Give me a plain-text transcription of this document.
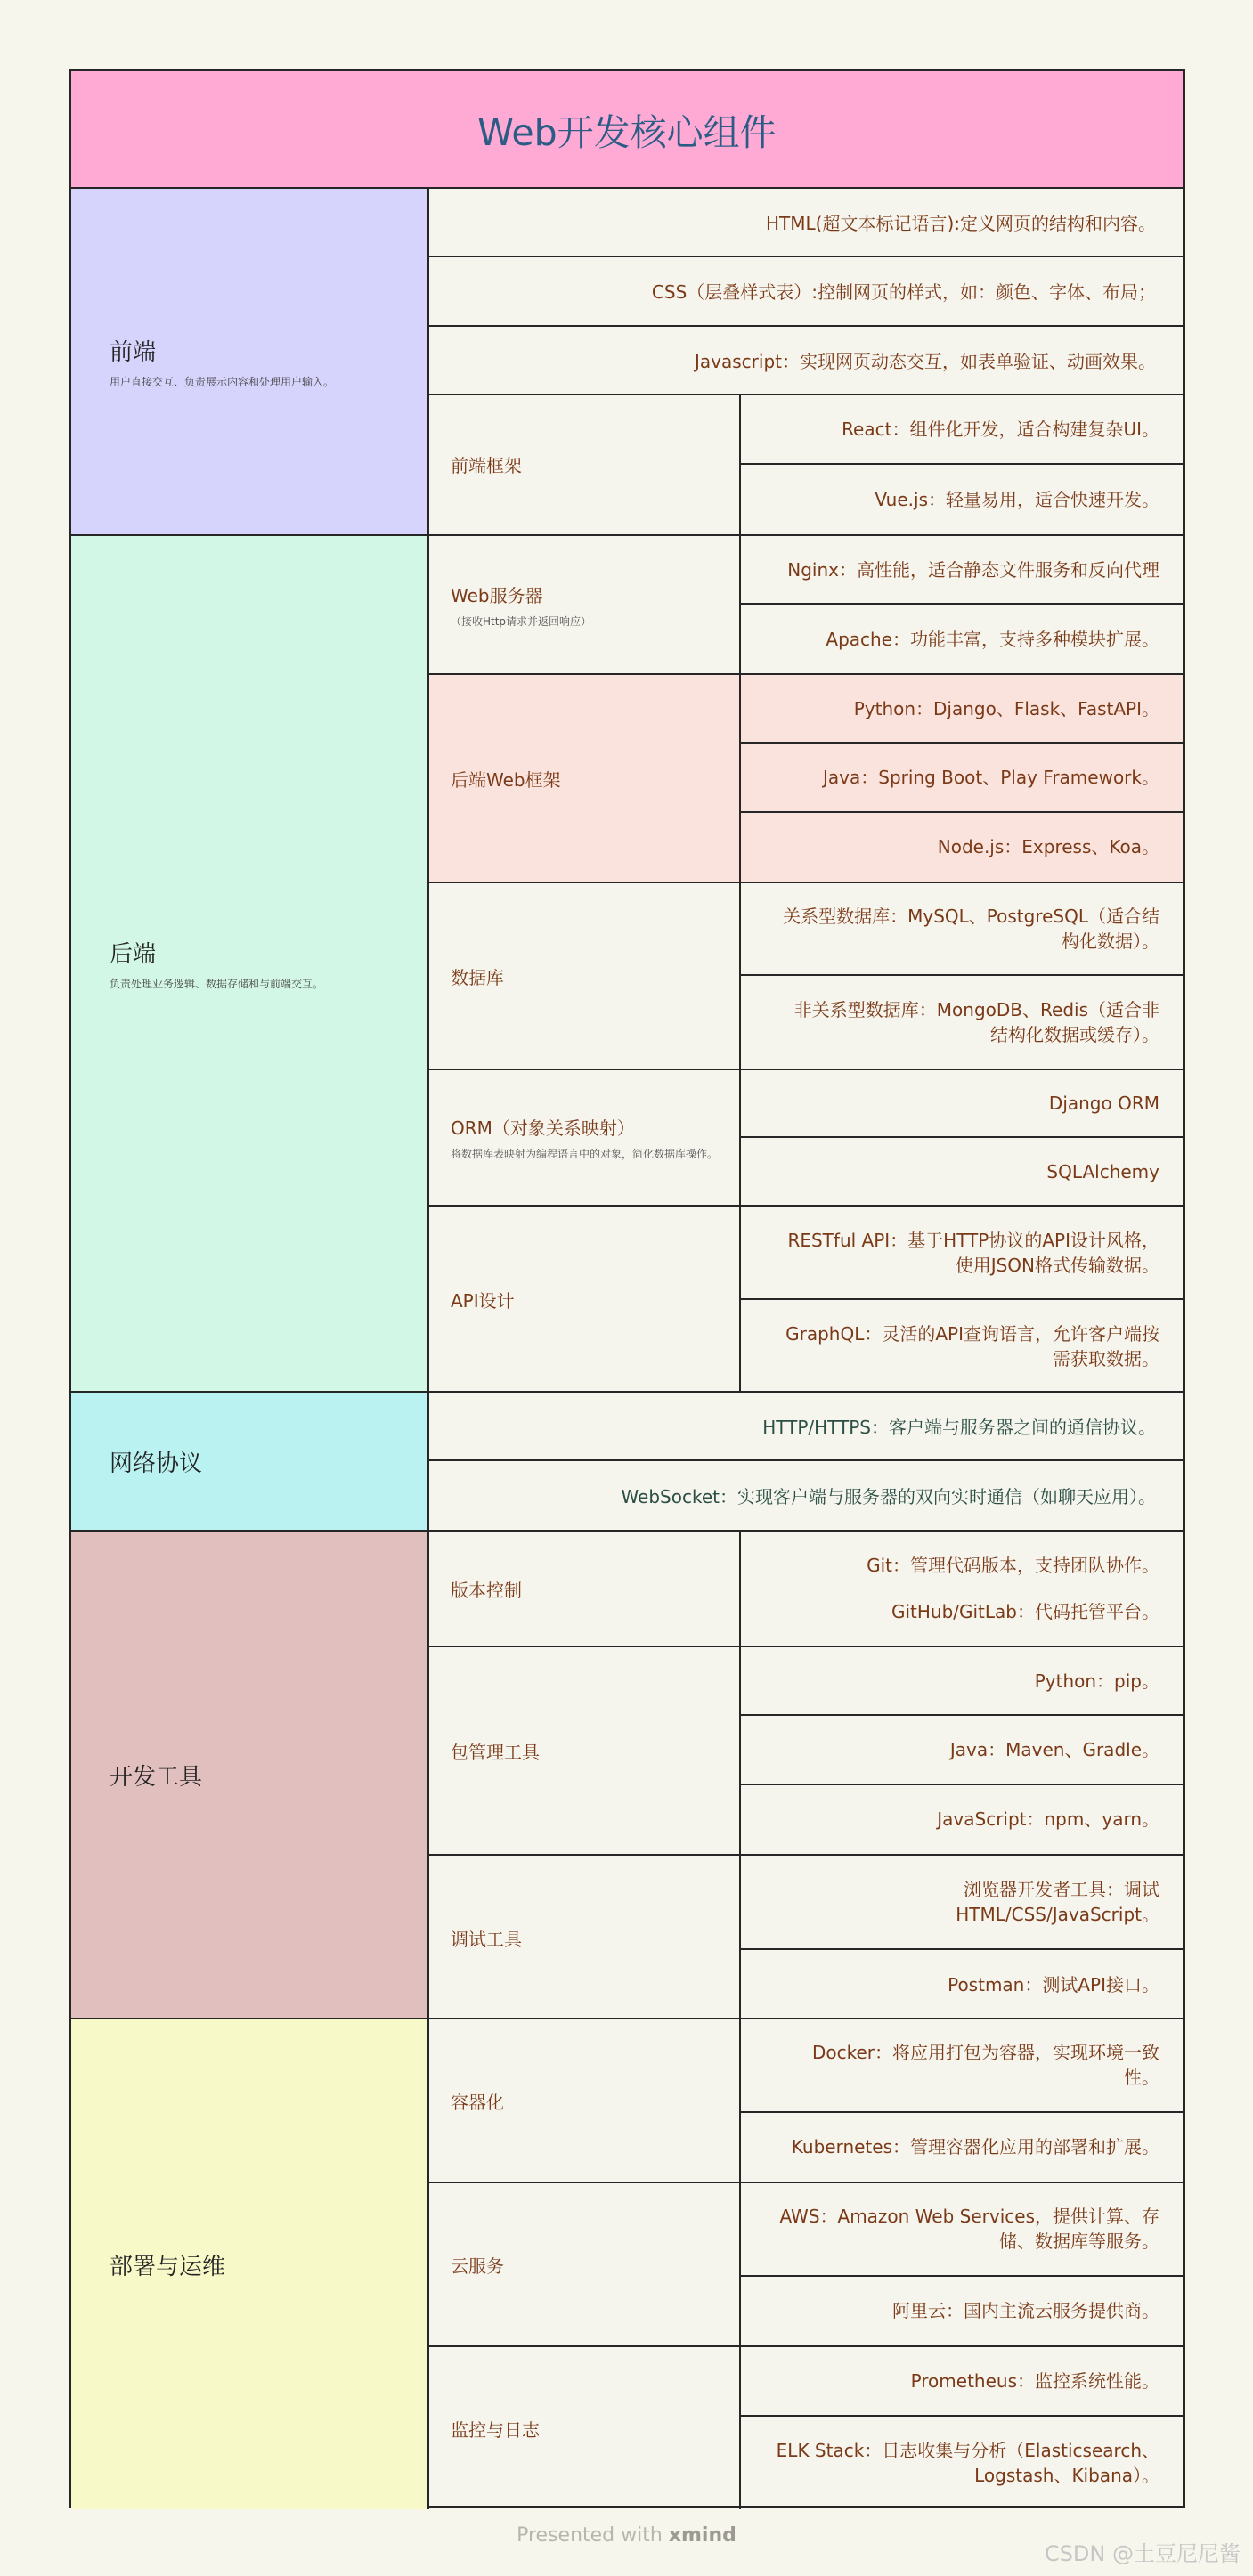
Web开发核心组件
前端
用户直接交互、负责展示内容和处理用户输入。
HTML(超文本标记语言):定义网页的结构和内容。
CSS（层叠样式表）:控制网页的样式，如：颜色、字体、布局；
Javascript：实现网页动态交互，如表单验证、动画效果。
前端框架
React：组件化开发，适合构建复杂UI。
Vue.js：轻量易用，适合快速开发。
后端
负责处理业务逻辑、数据存储和与前端交互。
Web服务器
（接收Http请求并返回响应）
Nginx：高性能，适合静态文件服务和反向代理
Apache：功能丰富，支持多种模块扩展。
后端Web框架
Python：Django、Flask、FastAPI。
Java：Spring Boot、Play Framework。
Node.js：Express、Koa。
数据库
关系型数据库：MySQL、PostgreSQL（适合结
构化数据）。
非关系型数据库：MongoDB、Redis（适合非
结构化数据或缓存）。
ORM（对象关系映射）
将数据库表映射为编程语言中的对象，简化数据库操作。
Django ORM
SQLAlchemy
API设计
RESTful API：基于HTTP协议的API设计风格，
使用JSON格式传输数据。
GraphQL：灵活的API查询语言，允许客户端按
需获取数据。
网络协议
HTTP/HTTPS：客户端与服务器之间的通信协议。
WebSocket：实现客户端与服务器的双向实时通信（如聊天应用）。
开发工具
版本控制
Git：管理代码版本，支持团队协作。
GitHub/GitLab：代码托管平台。
包管理工具
Python：pip。
Java：Maven、Gradle。
JavaScript：npm、yarn。
调试工具
浏览器开发者工具：调试
HTML/CSS/JavaScript。
Postman：测试API接口。
部署与运维
容器化
Docker：将应用打包为容器，实现环境一致
性。
Kubernetes：管理容器化应用的部署和扩展。
云服务
AWS：Amazon Web Services，提供计算、存
储、数据库等服务。
阿里云：国内主流云服务提供商。
监控与日志
Prometheus：监控系统性能。
ELK Stack：日志收集与分析（Elasticsearch、
Logstash、Kibana）。
Presented with xmind
CSDN @土豆尼尼酱
